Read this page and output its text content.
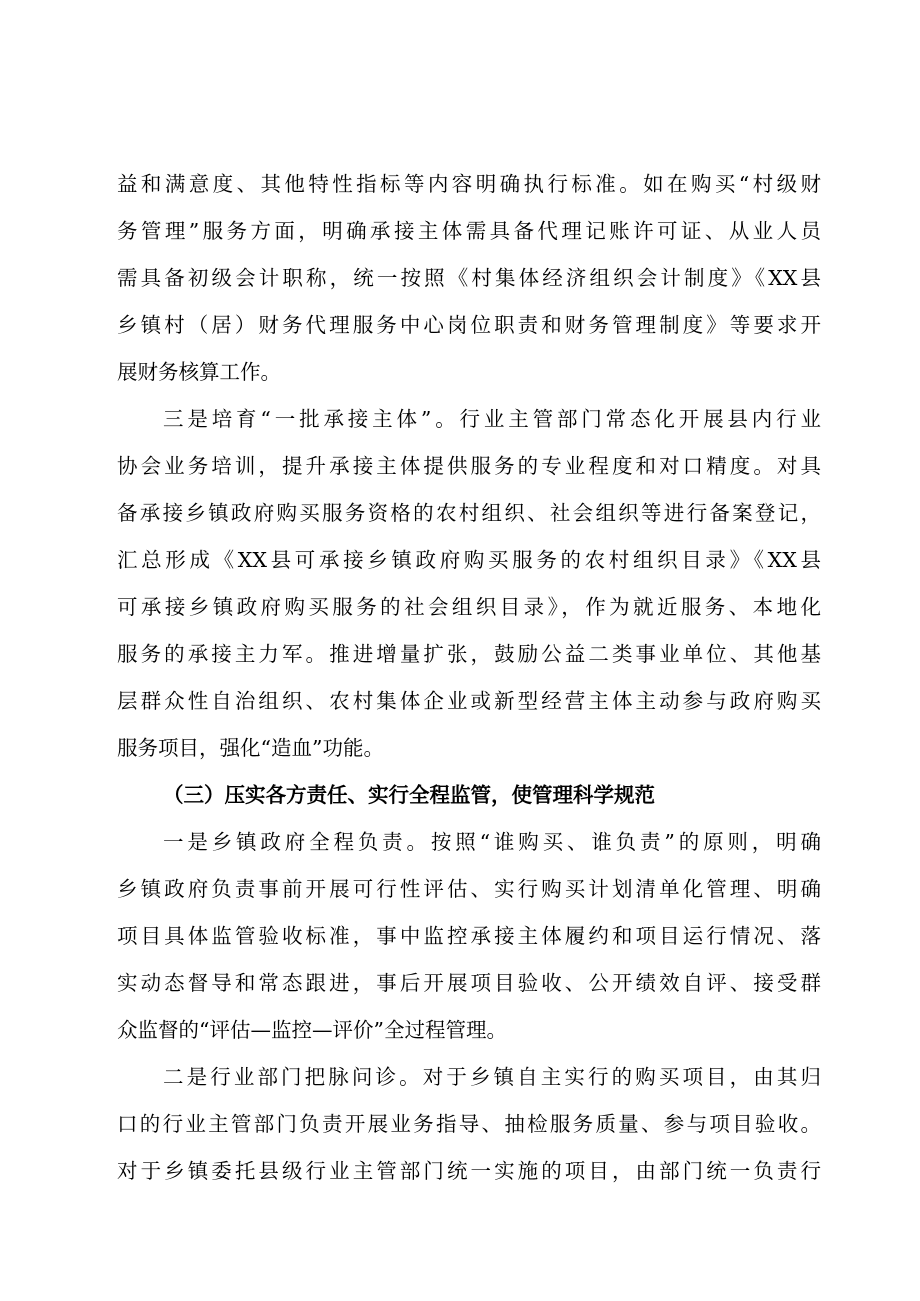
益和满意度、其他特性指标等内容明确执行标准。如在购买“村级财
务管理”服务方面，明确承接主体需具备代理记账许可证、从业人员
需具备初级会计职称，统一按照《村集体经济组织会计制度》《XX县
乡镇村（居）财务代理服务中心岗位职责和财务管理制度》等要求开
展财务核算工作。
三是培育“一批承接主体”。行业主管部门常态化开展县内行业
协会业务培训，提升承接主体提供服务的专业程度和对口精度。对具
备承接乡镇政府购买服务资格的农村组织、社会组织等进行备案登记，
汇总形成《XX县可承接乡镇政府购买服务的农村组织目录》《XX县
可承接乡镇政府购买服务的社会组织目录》，作为就近服务、本地化
服务的承接主力军。推进增量扩张，鼓励公益二类事业单位、其他基
层群众性自治组织、农村集体企业或新型经营主体主动参与政府购买
服务项目，强化“造血”功能。
（三）压实各方责任、实行全程监管，使管理科学规范
一是乡镇政府全程负责。按照“谁购买、谁负责”的原则，明确
乡镇政府负责事前开展可行性评估、实行购买计划清单化管理、明确
项目具体监管验收标准，事中监控承接主体履约和项目运行情况、落
实动态督导和常态跟进，事后开展项目验收、公开绩效自评、接受群
众监督的“评估—监控—评价”全过程管理。
二是行业部门把脉问诊。对于乡镇自主实行的购买项目，由其归
口的行业主管部门负责开展业务指导、抽检服务质量、参与项目验收。
对于乡镇委托县级行业主管部门统一实施的项目，由部门统一负责行
